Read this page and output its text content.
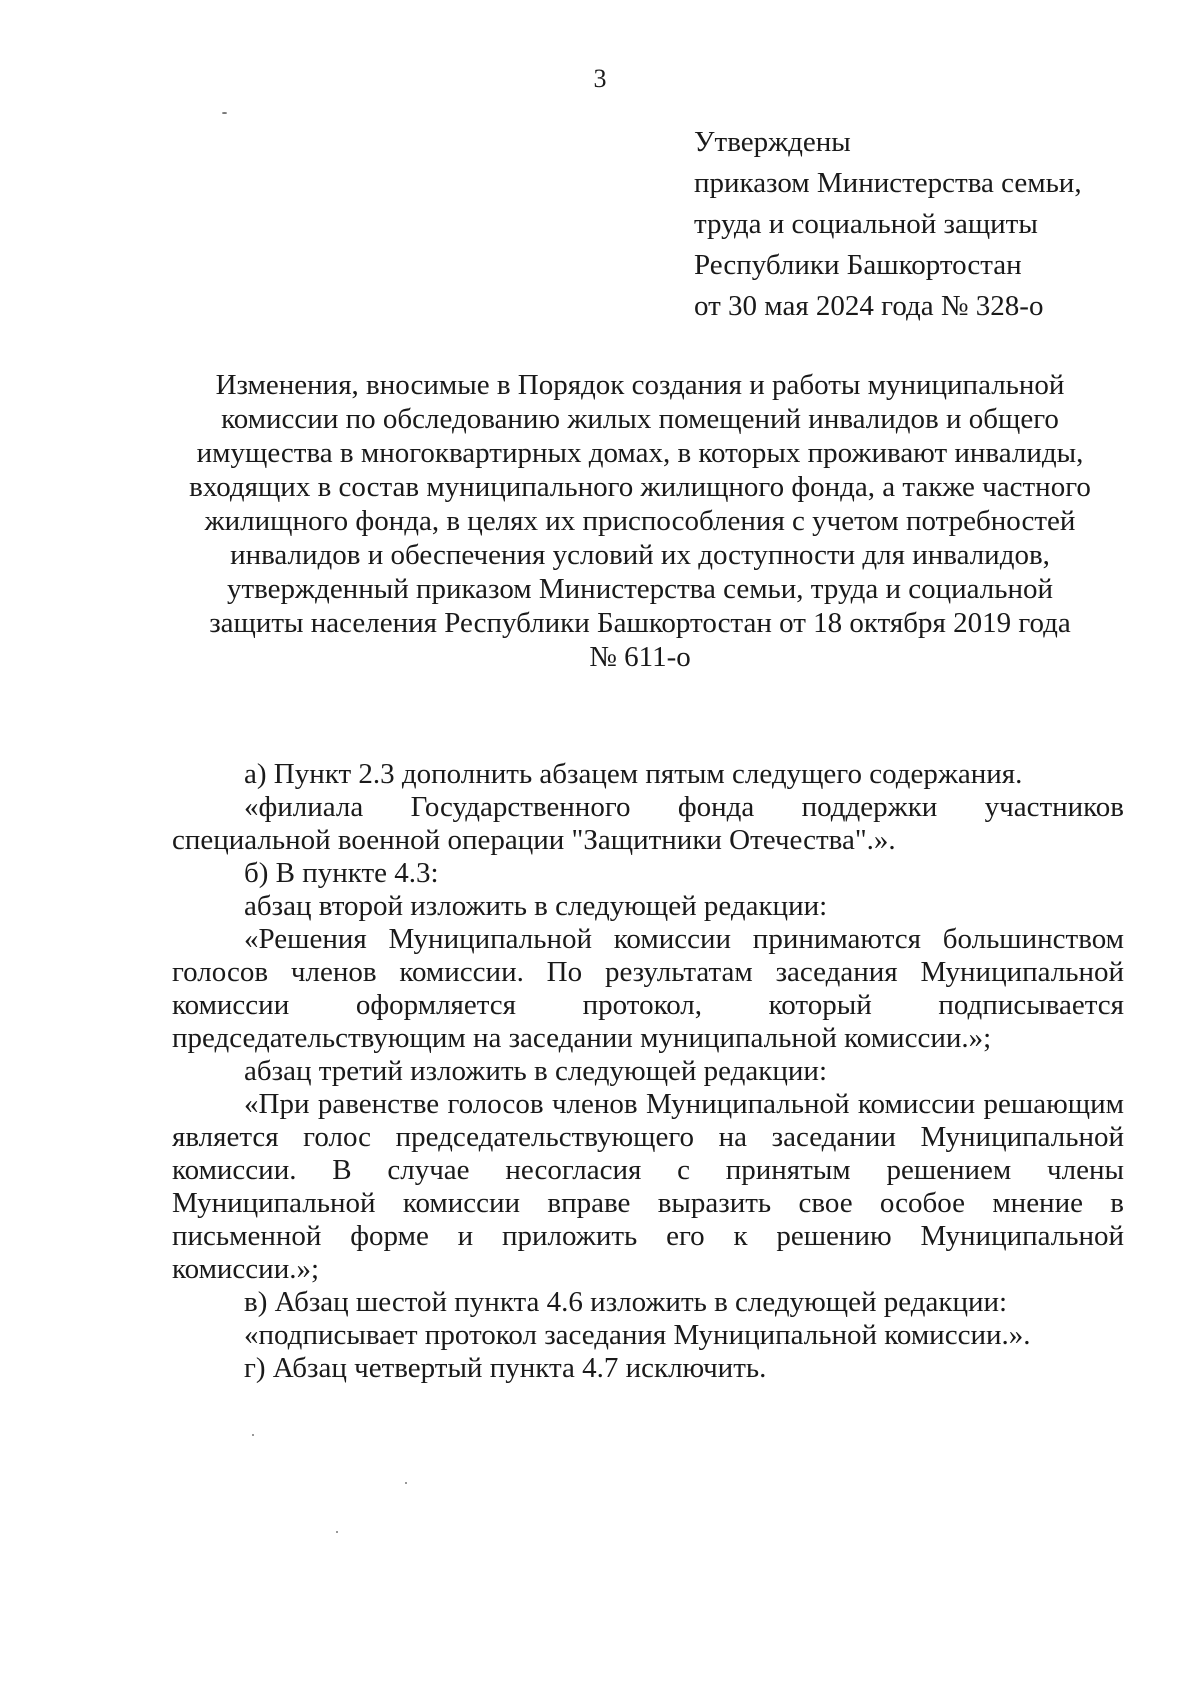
3
Утверждены
приказом Министерства семьи,
труда и социальной защиты
Республики Башкортостан
от 30 мая 2024 года № 328-о
Изменения, вносимые в Порядок создания и работы муниципальной
комиссии по обследованию жилых помещений инвалидов и общего
имущества в многоквартирных домах, в которых проживают инвалиды,
входящих в состав муниципального жилищного фонда, а также частного
жилищного фонда, в целях их приспособления с учетом потребностей
инвалидов и обеспечения условий их доступности для инвалидов,
утвержденный приказом Министерства семьи, труда и социальной
защиты населения Республики Башкортостан от 18 октября 2019 года
№ 611-о

а) Пункт 2.3 дополнить абзацем пятым следущего содержания.

«филиала Государственного фонда поддержки участников специальной военной операции "Защитники Отечества".».

б) В пункте 4.3:

абзац второй изложить в следующей редакции:

«Решения Муниципальной комиссии принимаются большинством голосов членов комиссии. По результатам заседания Муниципальной комиссии оформляется протокол, который подписывается председательствующим на заседании муниципальной комиссии.»;

абзац третий изложить в следующей редакции:

«При равенстве голосов членов Муниципальной комиссии решающим является голос председательствующего на заседании Муниципальной комиссии. В случае несогласия с принятым решением члены Муниципальной комиссии вправе выразить свое особое мнение в письменной форме и приложить его к решению Муниципальной комиссии.»;

в) Абзац шестой пункта 4.6 изложить в следующей редакции:

«подписывает протокол заседания Муниципальной комиссии.».

г) Абзац четвертый пункта 4.7 исключить.
